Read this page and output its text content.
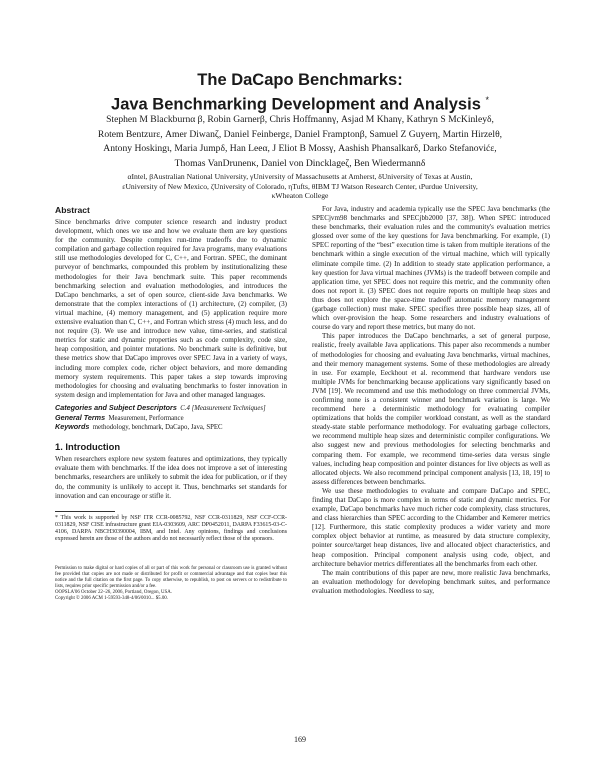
The DaCapo Benchmarks:
Java Benchmarking Development and Analysis *
Stephen M Blackburnα β, Robin Garnerβ, Chris Hoffmannγ, Asjad M Khanγ, Kathryn S McKinleyδ,
Rotem Bentzurε, Amer Diwanζ, Daniel Feinbergε, Daniel Framptonβ, Samuel Z Guyerη, Martin Hirzelθ,
Antony Hoskingι, Maria Jumpδ, Han Leeα, J Eliot B Mossγ, Aashish Phansalkarδ, Darko Stefanovićε,
Thomas VanDrunenκ, Daniel von Dincklageζ, Ben Wiedermannδ
αIntel, βAustralian National University, γUniversity of Massachusetts at Amherst, δUniversity of Texas at Austin,
εUniversity of New Mexico, ζUniversity of Colorado, ηTufts, θIBM TJ Watson Research Center, ιPurdue University,
κWheaton College
Abstract

Since benchmarks drive computer science research and industry product development, which ones we use and how we evaluate them are key questions for the community. Despite complex run-time tradeoffs due to dynamic compilation and garbage collection required for Java programs, many evaluations still use methodologies developed for C, C++, and Fortran. SPEC, the dominant purveyor of benchmarks, compounded this problem by institutionalizing these methodologies for their Java benchmark suite. This paper recommends benchmarking selection and evaluation methodologies, and introduces the DaCapo benchmarks, a set of open source, client-side Java benchmarks. We demonstrate that the complex interactions of (1) architecture, (2) compiler, (3) virtual machine, (4) memory management, and (5) application require more extensive evaluation than C, C++, and Fortran which stress (4) much less, and do not require (3). We use and introduce new value, time-series, and statistical metrics for static and dynamic properties such as code complexity, code size, heap composition, and pointer mutations. No benchmark suite is definitive, but these metrics show that DaCapo improves over SPEC Java in a variety of ways, including more complex code, richer object behaviors, and more demanding memory system requirements. This paper takes a step towards improving methodologies for choosing and evaluating benchmarks to foster innovation in system design and implementation for Java and other managed languages.

Categories and Subject Descriptors C.4 [Measurement Techniques]
General Terms Measurement, Performance
Keywords methodology, benchmark, DaCapo, Java, SPEC
1. Introduction

When researchers explore new system features and optimizations, they typically evaluate them with benchmarks. If the idea does not improve a set of interesting benchmarks, researchers are unlikely to submit the idea for publication, or if they do, the community is unlikely to accept it. Thus, benchmarks set standards for innovation and can encourage or stifle it.

* This work is supported by NSF ITR CCR-0085792, NSF CCR-0311829, NSF CCF-CCR-0311829, NSF CISE infrastructure grant EIA-0303609, ARC DP0452011, DARPA F33615-03-C-4106, DARPA NBCH30390004, IBM, and Intel. Any opinions, findings and conclusions expressed herein are those of the authors and do not necessarily reflect those of the sponsors.

Permission to make digital or hard copies of all or part of this work for personal or classroom use is granted without fee provided that copies are not made or distributed for profit or commercial advantage and that copies bear this notice and the full citation on the first page. To copy otherwise, to republish, to post on servers or to redistribute to lists, requires prior specific permission and/or a fee.
OOPSLA'06 October 22–26, 2006, Portland, Oregon, USA.
Copyright © 2006 ACM 1-59593-348-4/06/0010... $5.00.

For Java, industry and academia typically use the SPEC Java benchmarks (the SPECjvm98 benchmarks and SPECjbb2000 [37, 38]). When SPEC introduced these benchmarks, their evaluation rules and the community's evaluation metrics glossed over some of the key questions for Java benchmarking. For example, (1) SPEC reporting of the “best” execution time is taken from multiple iterations of the benchmark within a single execution of the virtual machine, which will typically eliminate compile time. (2) In addition to steady state application performance, a key question for Java virtual machines (JVMs) is the tradeoff between compile and application time, yet SPEC does not require this metric, and the community often does not report it. (3) SPEC does not require reports on multiple heap sizes and thus does not explore the space-time tradeoff automatic memory management (garbage collection) must make. SPEC specifies three possible heap sizes, all of which over-provision the heap. Some researchers and industry evaluations of course do vary and report these metrics, but many do not.

This paper introduces the DaCapo benchmarks, a set of general purpose, realistic, freely available Java applications. This paper also recommends a number of methodologies for choosing and evaluating Java benchmarks, virtual machines, and their memory management systems. Some of these methodologies are already in use. For example, Eeckhout et al. recommend that hardware vendors use multiple JVMs for benchmarking because applications vary significantly based on JVM [19]. We recommend and use this methodology on three commercial JVMs, confirming none is a consistent winner and benchmark variation is large. We recommend here a deterministic methodology for evaluating compiler optimizations that holds the compiler workload constant, as well as the standard steady-state stable performance methodology. For evaluating garbage collectors, we recommend multiple heap sizes and deterministic compiler configurations. We also suggest new and previous methodologies for selecting benchmarks and comparing them. For example, we recommend time-series data versus single values, including heap composition and pointer distances for live objects as well as allocated objects. We also recommend principal component analysis [13, 18, 19] to assess differences between benchmarks.

We use these methodologies to evaluate and compare DaCapo and SPEC, finding that DaCapo is more complex in terms of static and dynamic metrics. For example, DaCapo benchmarks have much richer code complexity, class structures, and class hierarchies than SPEC according to the Chidamber and Kemerer metrics [12]. Furthermore, this static complexity produces a wider variety and more complex object behavior at runtime, as measured by data structure complexity, pointer source/target heap distances, live and allocated object characteristics, and heap composition. Principal component analysis using code, object, and architecture behavior metrics differentiates all the benchmarks from each other.

The main contributions of this paper are new, more realistic Java benchmarks, an evaluation methodology for developing benchmark suites, and performance evaluation methodologies. Needless to say,

169
